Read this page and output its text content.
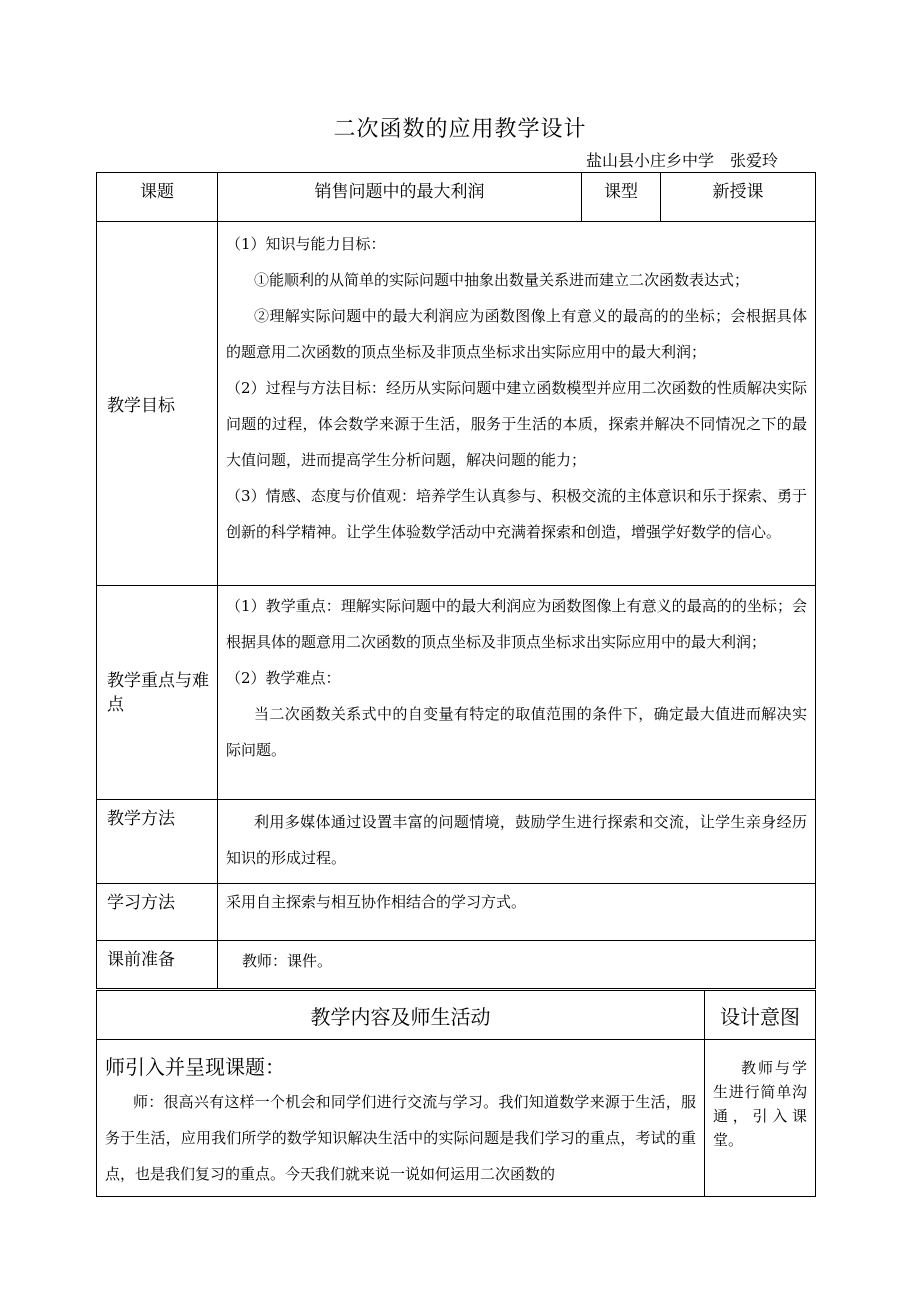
二次函数的应用教学设计
盐山县小庄乡中学　张爱玲
课题	销售问题中的最大利润	课型	新授课
教学目标	（1）知识与能力目标：

①能顺利的从简单的实际问题中抽象出数量关系进而建立二次函数表达式；

②理解实际问题中的最大利润应为函数图像上有意义的最高的的坐标；会根据具体的题意用二次函数的顶点坐标及非顶点坐标求出实际应用中的最大利润；

（2）过程与方法目标：经历从实际问题中建立函数模型并应用二次函数的性质解决实际问题的过程，体会数学来源于生活，服务于生活的本质，探索并解决不同情况之下的最大值问题，进而提高学生分析问题，解决问题的能力；

（3）情感、态度与价值观：培养学生认真参与、积极交流的主体意识和乐于探索、勇于创新的科学精神。让学生体验数学活动中充满着探索和创造，增强学好数学的信心。		

教学重点与难点	（1）教学重点：理解实际问题中的最大利润应为函数图像上有意义的最高的的坐标；会根据具体的题意用二次函数的顶点坐标及非顶点坐标求出实际应用中的最大利润；

（2）教学难点：

当二次函数关系式中的自变量有特定的取值范围的条件下，确定最大值进而解决实际问题。		

教学方法	利用多媒体通过设置丰富的问题情境，鼓励学生进行探索和交流，让学生亲身经历知识的形成过程。		

学习方法	采用自主探索与相互协作相结合的学习方式。		

课前准备	教师：课件。		

教学内容及师生活动	设计意图

师引入并呈现课题：

师：很高兴有这样一个机会和同学们进行交流与学习。我们知道数学来源于生活，服务于生活，应用我们所学的数学知识解决生活中的实际问题是我们学习的重点，考试的重点，也是我们复习的重点。今天我们就来说一说如何运用二次函数的	教师与学生进行简单沟通，引入课堂。
